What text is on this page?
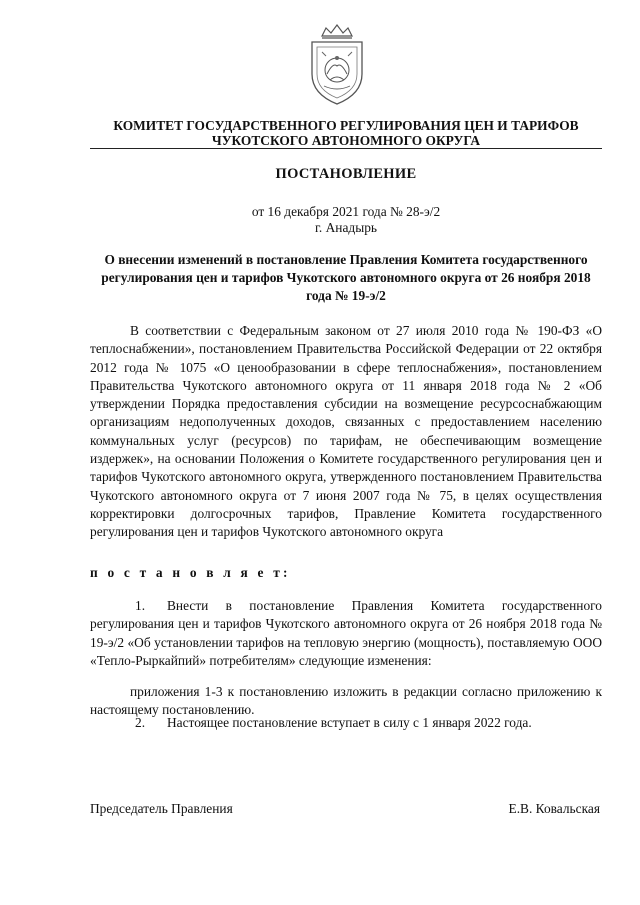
КОМИТЕТ ГОСУДАРСТВЕННОГО РЕГУЛИРОВАНИЯ ЦЕН И ТАРИФОВ
ЧУКОТСКОГО АВТОНОМНОГО ОКРУГА
ПОСТАНОВЛЕНИЕ
от 16 декабря 2021 года № 28-э/2
г. Анадырь
О внесении изменений в постановление Правления Комитета государственного регулирования цен и тарифов Чукотского автономного округа от 26 ноября 2018 года № 19-э/2
В соответствии с Федеральным законом от 27 июля 2010 года № 190-ФЗ «О теплоснабжении», постановлением Правительства Российской Федерации от 22 октября 2012 года № 1075 «О ценообразовании в сфере теплоснабжения», постановлением Правительства Чукотского автономного округа от 11 января 2018 года № 2 «Об утверждении Порядка предоставления субсидии на возмещение ресурсоснабжающим организациям недополученных доходов, связанных с предоставлением населению коммунальных услуг (ресурсов) по тарифам, не обеспечивающим возмещение издержек», на основании Положения о Комитете государственного регулирования цен и тарифов Чукотского автономного округа, утвержденного постановлением Правительства Чукотского автономного округа от 7 июня 2007 года № 75, в целях осуществления корректировки долгосрочных тарифов, Правление Комитета государственного регулирования цен и тарифов Чукотского автономного округа
п о с т а н о в л я е т:
1. Внести в постановление Правления Комитета государственного регулирования цен и тарифов Чукотского автономного округа от 26 ноября 2018 года № 19-э/2 «Об установлении тарифов на тепловую энергию (мощность), поставляемую ООО «Тепло-Рыркайпий» потребителям» следующие изменения:
приложения 1-3 к постановлению изложить в редакции согласно приложению к настоящему постановлению.
2. Настоящее постановление вступает в силу с 1 января 2022 года.
Председатель Правления	Е.В. Ковальская
